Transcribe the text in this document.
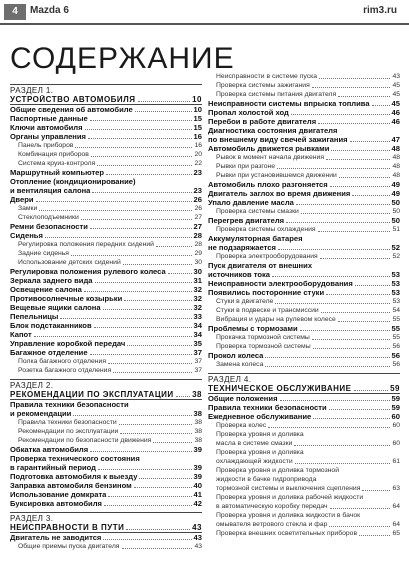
4	Mazda 6	rim3.ru
СОДЕРЖАНИЕ
РАЗДЕЛ 1.
УСТРОЙСТВО АВТОМОБИЛЯ	10
Общие сведения об автомобиле	10
Паспортные данные	15
Ключи автомобиля	15
Органы управления	16
Панель приборов	16
Комбинация приборов	20
Система круиз-контроля	22
Маршрутный компьютер	23
Отопление (кондиционирование)
и вентиляция салона	23
Двери	26
Замки	26
Стеклоподъемники	27
Ремни безопасности	27
Сиденья	28
Регулировка положения передних сидений	28
Задние сиденья	29
Использование детских сидений	30
Регулировка положения рулевого колеса	30
Зеркала заднего вида	31
Освещение салона	32
Противосолнечные козырьки	32
Вещевые ящики салона	32
Пепельницы	33
Блок подстаканников	34
Капот	34
Управление коробкой передач	35
Багажное отделение	37
Полка багажного отделения	37
Розетка багажного отделения	37
РАЗДЕЛ 2.
РЕКОМЕНДАЦИИ ПО ЭКСПЛУАТАЦИИ 38
Правила техники безопасности
и рекомендации	38
Правила техники безопасности	38
Рекомендации по эксплуатации	38
Рекомендации по безопасности движения	38
Обкатка автомобиля	39
Проверка технического состояния
в гарантийный период	39
Подготовка автомобиля к выезду	39
Заправка автомобиля бензином	40
Использование домкрата	41
Буксировка автомобиля	42
РАЗДЕЛ 3.
НЕИСПРАВНОСТИ В ПУТИ	43
Двигатель не заводится	43
Общие приемы пуска двигателя	43
Неисправности в системе пуска	43
Проверка системы зажигания	45
Проверка системы питания двигателя	45
Неисправности системы впрыска топлива	45
Пропал холостой ход	46
Перебои в работе двигателя	46
Диагностика состояния двигателя
по внешнему виду свечей зажигания	47
Автомобиль движется рывками	48
Рывок в момент начала движения	48
Рывки при разгоне	48
Рывки при установившемся движении	48
Автомобиль плохо разгоняется	49
Двигатель заглох во время движения	49
Упало давление масла	50
Проверка системы смазки	50
Перегрев двигателя	50
Проверка системы охлаждения	51
Аккумуляторная батарея
не подзаряжается	52
Проверка электрооборудования	52
Пуск двигателя от внешних
источников тока	53
Неисправности электрооборудования	53
Появились посторонние стуки	53
Стуки в двигателе	53
Стуки в подвеске и трансмиссии	54
Вибрация и удары на рулевом колесе	55
Проблемы с тормозами	55
Прокачка тормозной системы	55
Проверка тормозной системы	56
Прокол колеса	56
Замена колеса	56
РАЗДЕЛ 4.
ТЕХНИЧЕСКОЕ ОБСЛУЖИВАНИЕ	59
Общие положения	59
Правила техники безопасности	59
Ежедневное обслуживание	60
Проверка колес	60
Проверка уровня и доливка
масла в системе смазки	60
Проверка уровня и доливка
охлаждающей жидкости	61
Проверка уровня и доливка тормозной
жидкости в бачке гидропривода
тормозной системы и выключения сцепления	63
Проверка уровня и доливка рабочей жидкости
в автоматическую коробку передач	64
Проверка уровня и доливка жидкости в бачок
омывателя ветрового стекла и фар	64
Проверка внешних осветительных приборов	65
